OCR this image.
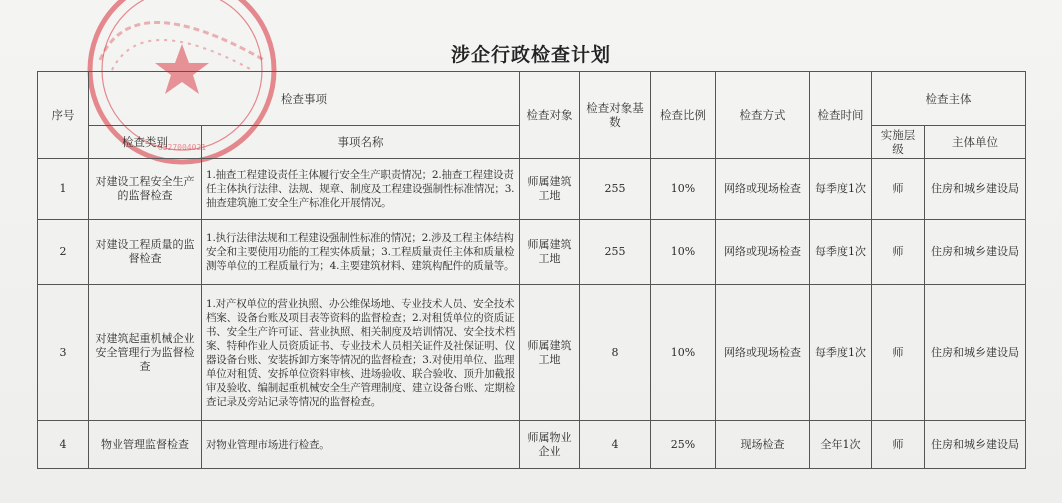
6527004021
涉企行政检查计划
序号	检查事项		检查对象	检查对象基数	检查比例	检查方式	检查时间	检查主体	
	检查类别	事项名称						实施层级	主体单位
1	对建设工程安全生产的监督检查	1.抽查工程建设责任主体履行安全生产职责情况；2.抽查工程建设责任主体执行法律、法规、规章、制度及工程建设强制性标准情况；3.抽查建筑施工安全生产标准化开展情况。	师属建筑工地	255	10%	网络或现场检查	每季度1次	师	住房和城乡建设局
2	对建设工程质量的监督检查	1.执行法律法规和工程建设强制性标准的情况；2.涉及工程主体结构安全和主要使用功能的工程实体质量；3.工程质量责任主体和质量检测等单位的工程质量行为；4.主要建筑材料、建筑构配件的质量等。	师属建筑工地	255	10%	网络或现场检查	每季度1次	师	住房和城乡建设局
3	对建筑起重机械企业安全管理行为监督检查	1.对产权单位的营业执照、办公维保场地、专业技术人员、安全技术档案、设备台账及项目表等资料的监督检查；2.对租赁单位的资质证书、安全生产许可证、营业执照、相关制度及培训情况、安全技术档案、特种作业人员资质证书、专业技术人员相关证件及社保证明、仪器设备台账、安装拆卸方案等情况的监督检查；3.对使用单位、监理单位对租赁、安拆单位资料审核、进场验收、联合验收、顶升加截报审及验收、编制起重机械安全生产管理制度、建立设备台账、定期检查记录及旁站记录等情况的监督检查。	师属建筑工地	8	10%	网络或现场检查	每季度1次	师	住房和城乡建设局
4	物业管理监督检查	对物业管理市场进行检查。	师属物业企业	4	25%	现场检查	全年1次	师	住房和城乡建设局
